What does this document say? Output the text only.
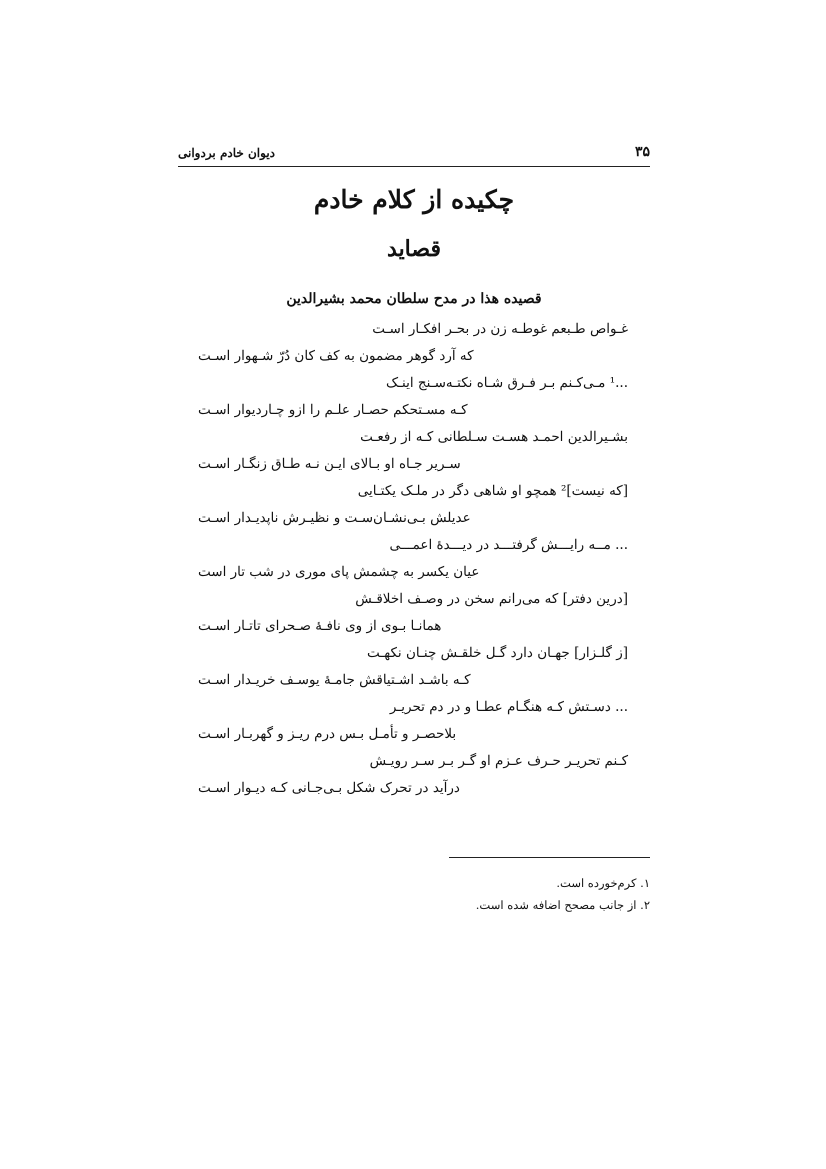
۳۵
دیوان خادم بردوانی
چکیده از کلام خادم
قصاید
قصیده هذا در مدح سلطان محمد بشیرالدین
غـواص طـبعم غوطـه زن در بحـر افکـار اسـت
که آرد گوهر مضمون به کف کان دُرّ شـهوار اسـت
...¹ مـی‌کـنم بـر فـرق شـاه نکتـه‌سـنج اینـک
کـه مسـتحکم حصـار علـم را ازو چـاردیوار اسـت
بشـیرالدین احمـد هسـت سـلطانی کـه از رفعـت
سـریر جـاه او بـالای ایـن نـه طـاق زنگـار اسـت
[که نیست]² همچو او شاهی دگر در ملـک یکتـایی
عدیلش بـی‌نشـان‌سـت و نظیـرش ناپدیـدار اسـت
... مــه رایـــش گرفتـــد در دیـــدۀ اعمـــی
عیان یکسر به چشمش پای موری در شب تار است
[درین دفتر] که می‌رانم سخن در وصـف اخلاقـش
همانـا بـوی از وی نافـۀ صـحرای تاتـار اسـت
[ز گلـزار] جهـان دارد گـل خلقـش چنـان نکهـت
کـه باشـد اشـتیاقش جامـۀ یوسـف خریـدار اسـت
... دسـتش کـه هنگـام عطـا و در دم تحریـر
بلاحصـر و تأمـل بـس درم ریـز و گهربـار اسـت
کـنم تحریـر حـرف عـزم او گـر بـر سـر رویـش
درآید در تحرک شکل بـی‌جـانی کـه دیـوار اسـت
۱. کرم‌خورده است.
۲. از جانب مصحح اضافه شده است.
